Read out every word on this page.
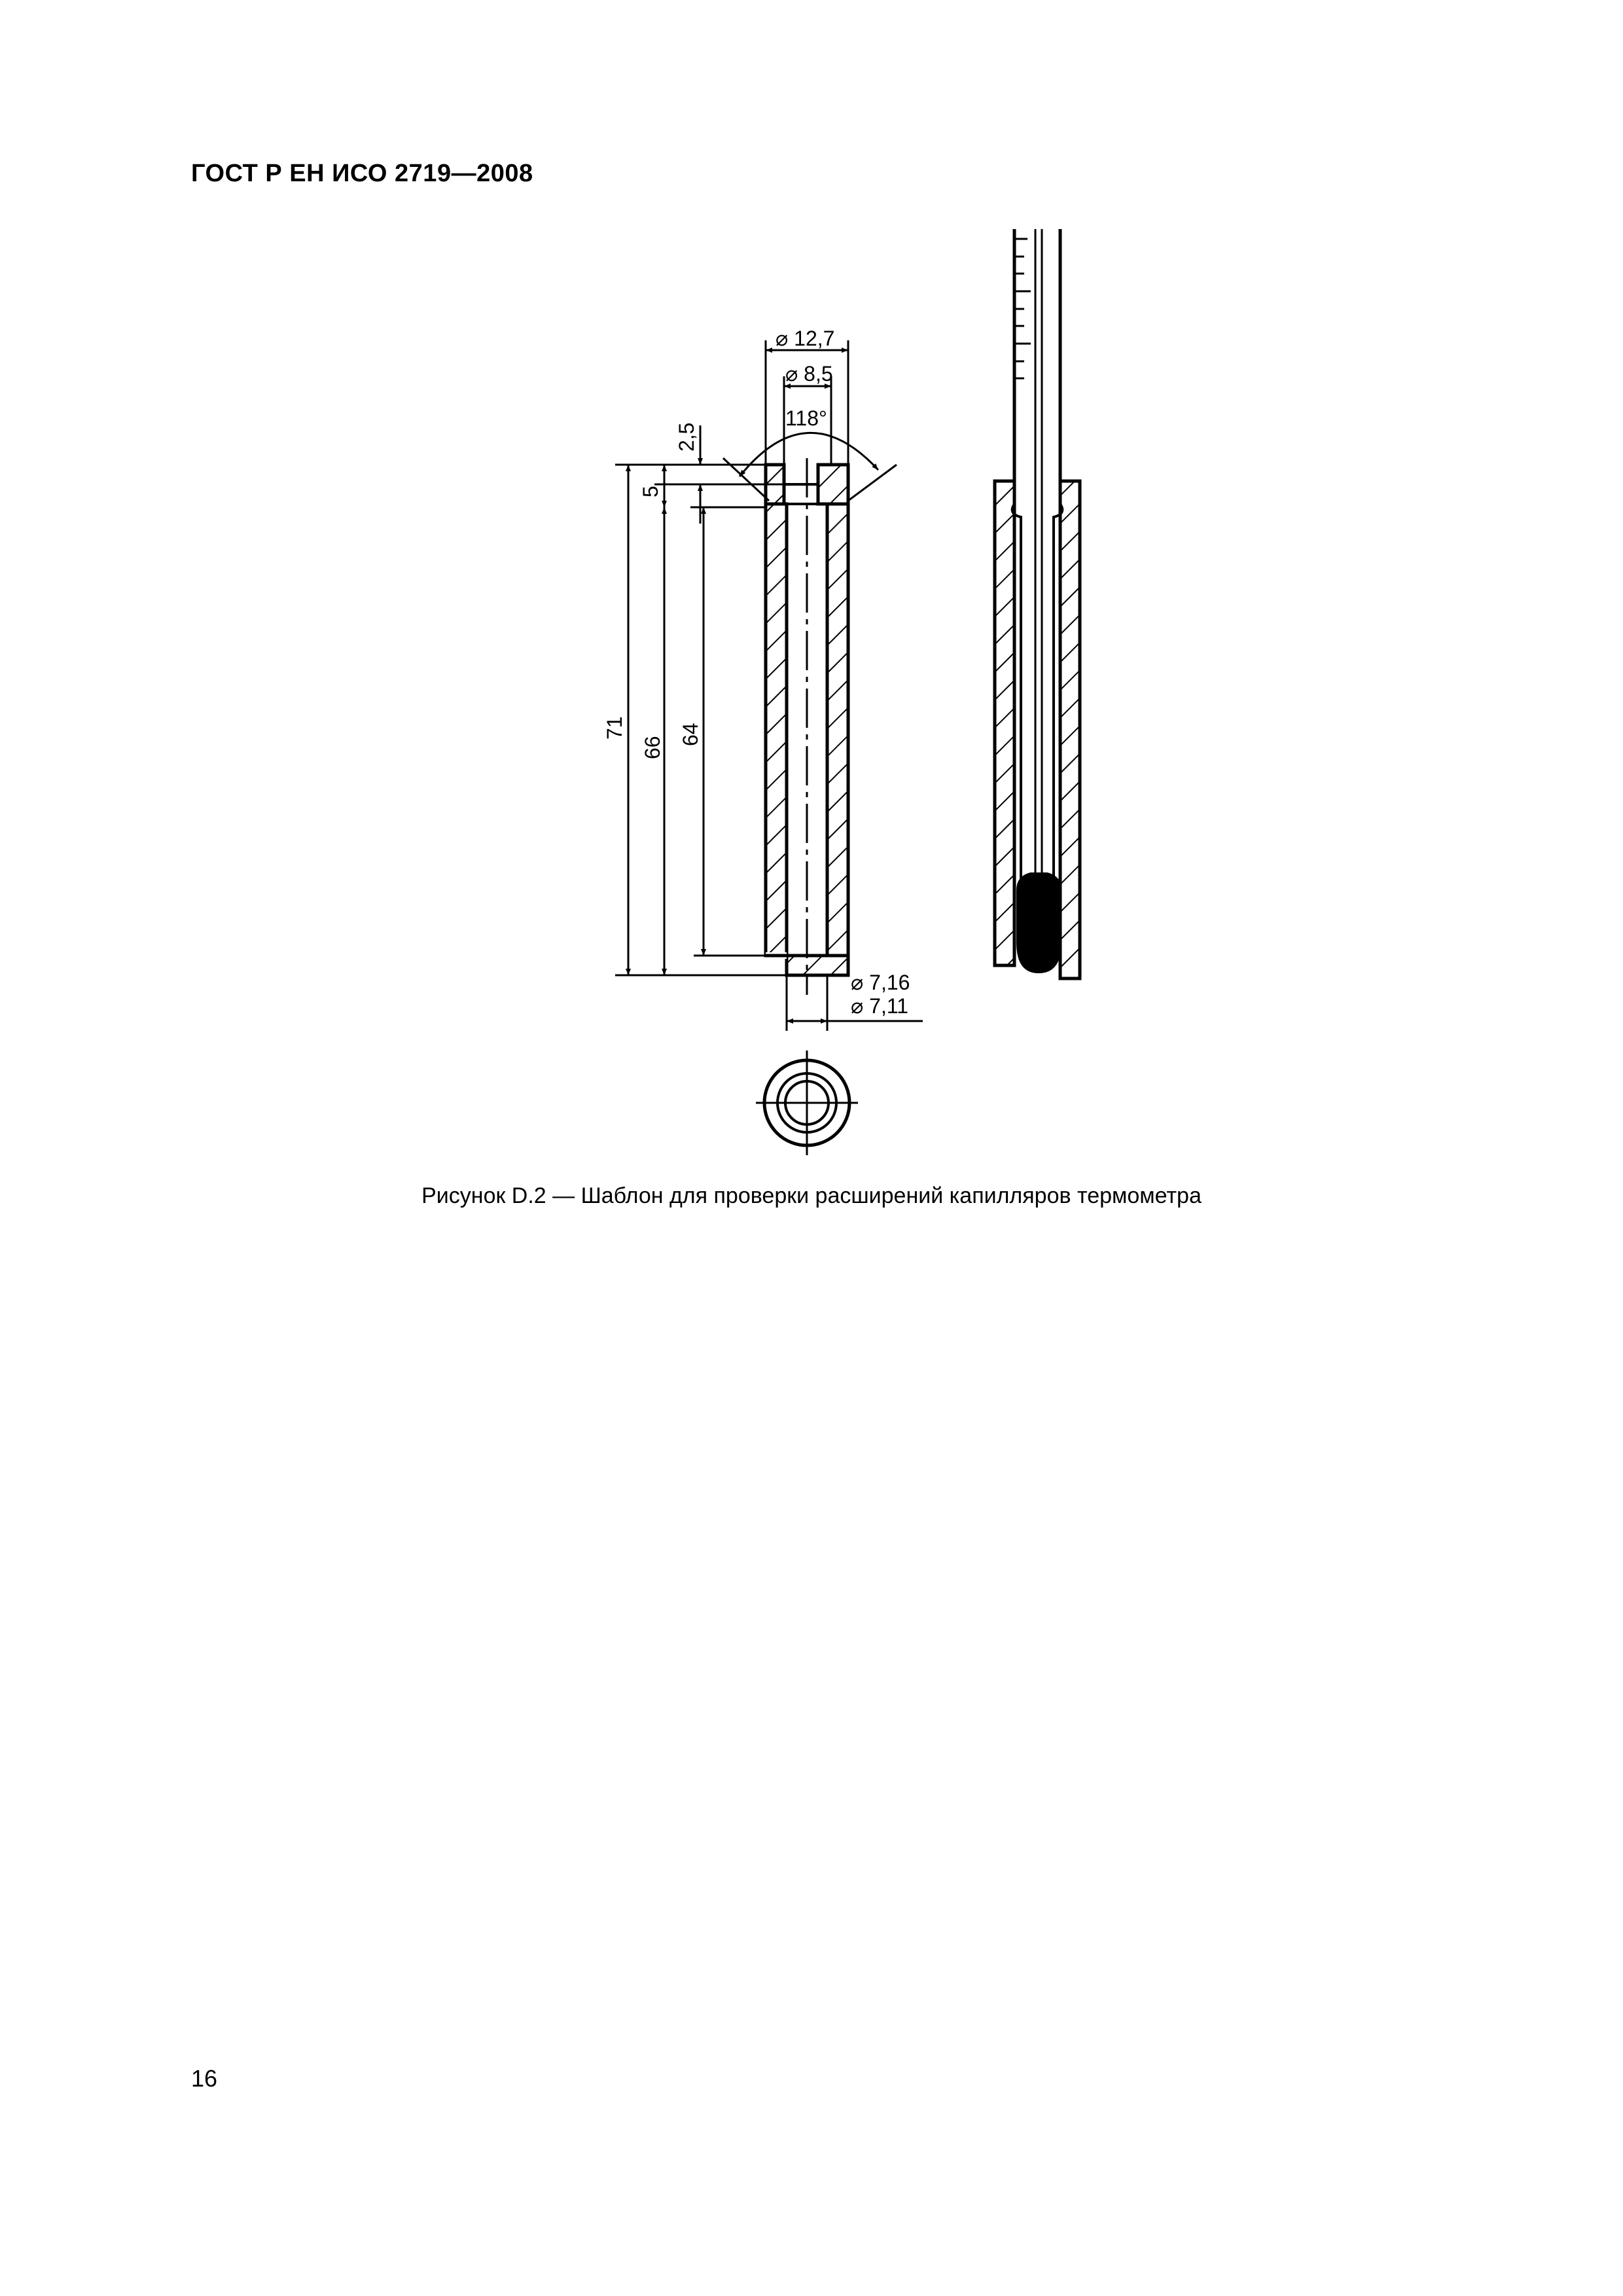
ГОСТ Р ЕН ИСО 2719—2008
⌀ 12,7
⌀ 8,5
118°
2,5
5
71
66
64
⌀ 7,16
⌀ 7,11
Рисунок D.2 — Шаблон для проверки расширений капилляров термометра
16
